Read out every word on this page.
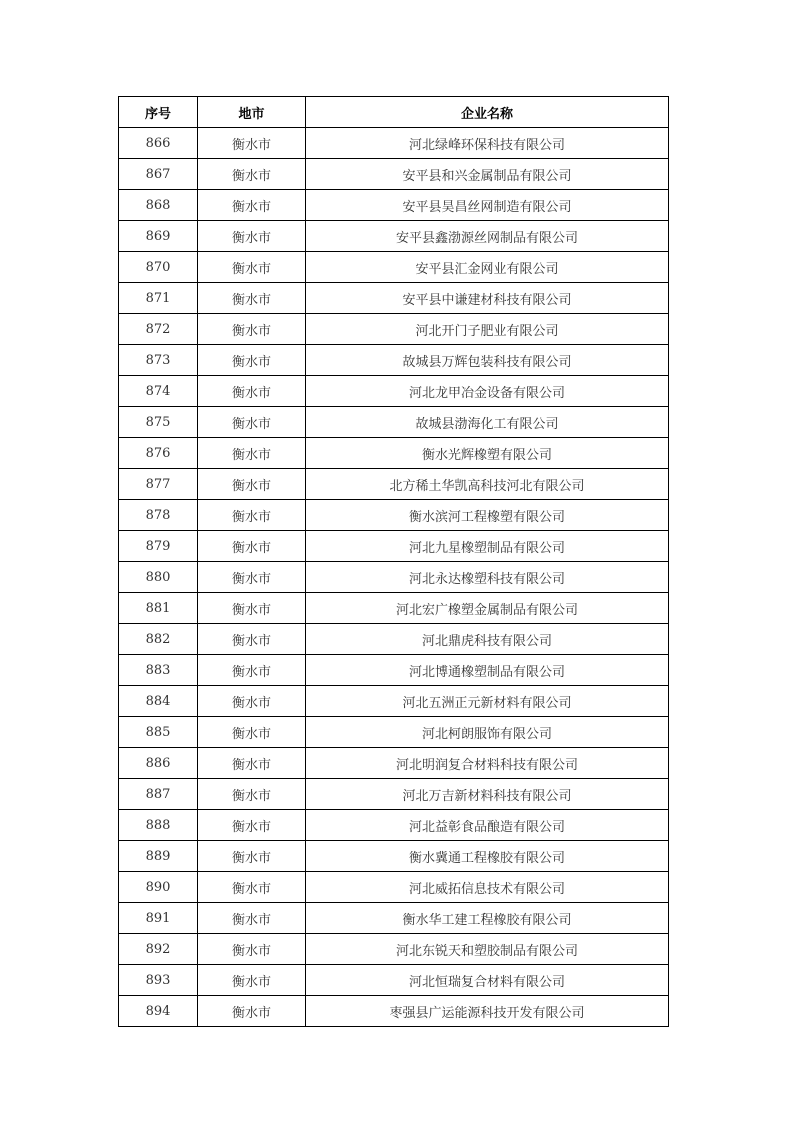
序号	地市	企业名称
866	衡水市	河北绿峰环保科技有限公司
867	衡水市	安平县和兴金属制品有限公司
868	衡水市	安平县昊昌丝网制造有限公司
869	衡水市	安平县鑫渤源丝网制品有限公司
870	衡水市	安平县汇金网业有限公司
871	衡水市	安平县中谦建材科技有限公司
872	衡水市	河北开门子肥业有限公司
873	衡水市	故城县万辉包装科技有限公司
874	衡水市	河北龙甲冶金设备有限公司
875	衡水市	故城县渤海化工有限公司
876	衡水市	衡水光辉橡塑有限公司
877	衡水市	北方稀土华凯高科技河北有限公司
878	衡水市	衡水滨河工程橡塑有限公司
879	衡水市	河北九星橡塑制品有限公司
880	衡水市	河北永达橡塑科技有限公司
881	衡水市	河北宏广橡塑金属制品有限公司
882	衡水市	河北鼎虎科技有限公司
883	衡水市	河北博通橡塑制品有限公司
884	衡水市	河北五洲正元新材料有限公司
885	衡水市	河北柯朗服饰有限公司
886	衡水市	河北明润复合材料科技有限公司
887	衡水市	河北万吉新材料科技有限公司
888	衡水市	河北益彰食品酿造有限公司
889	衡水市	衡水冀通工程橡胶有限公司
890	衡水市	河北威拓信息技术有限公司
891	衡水市	衡水华工建工程橡胶有限公司
892	衡水市	河北东锐天和塑胶制品有限公司
893	衡水市	河北恒瑞复合材料有限公司
894	衡水市	枣强县广运能源科技开发有限公司
